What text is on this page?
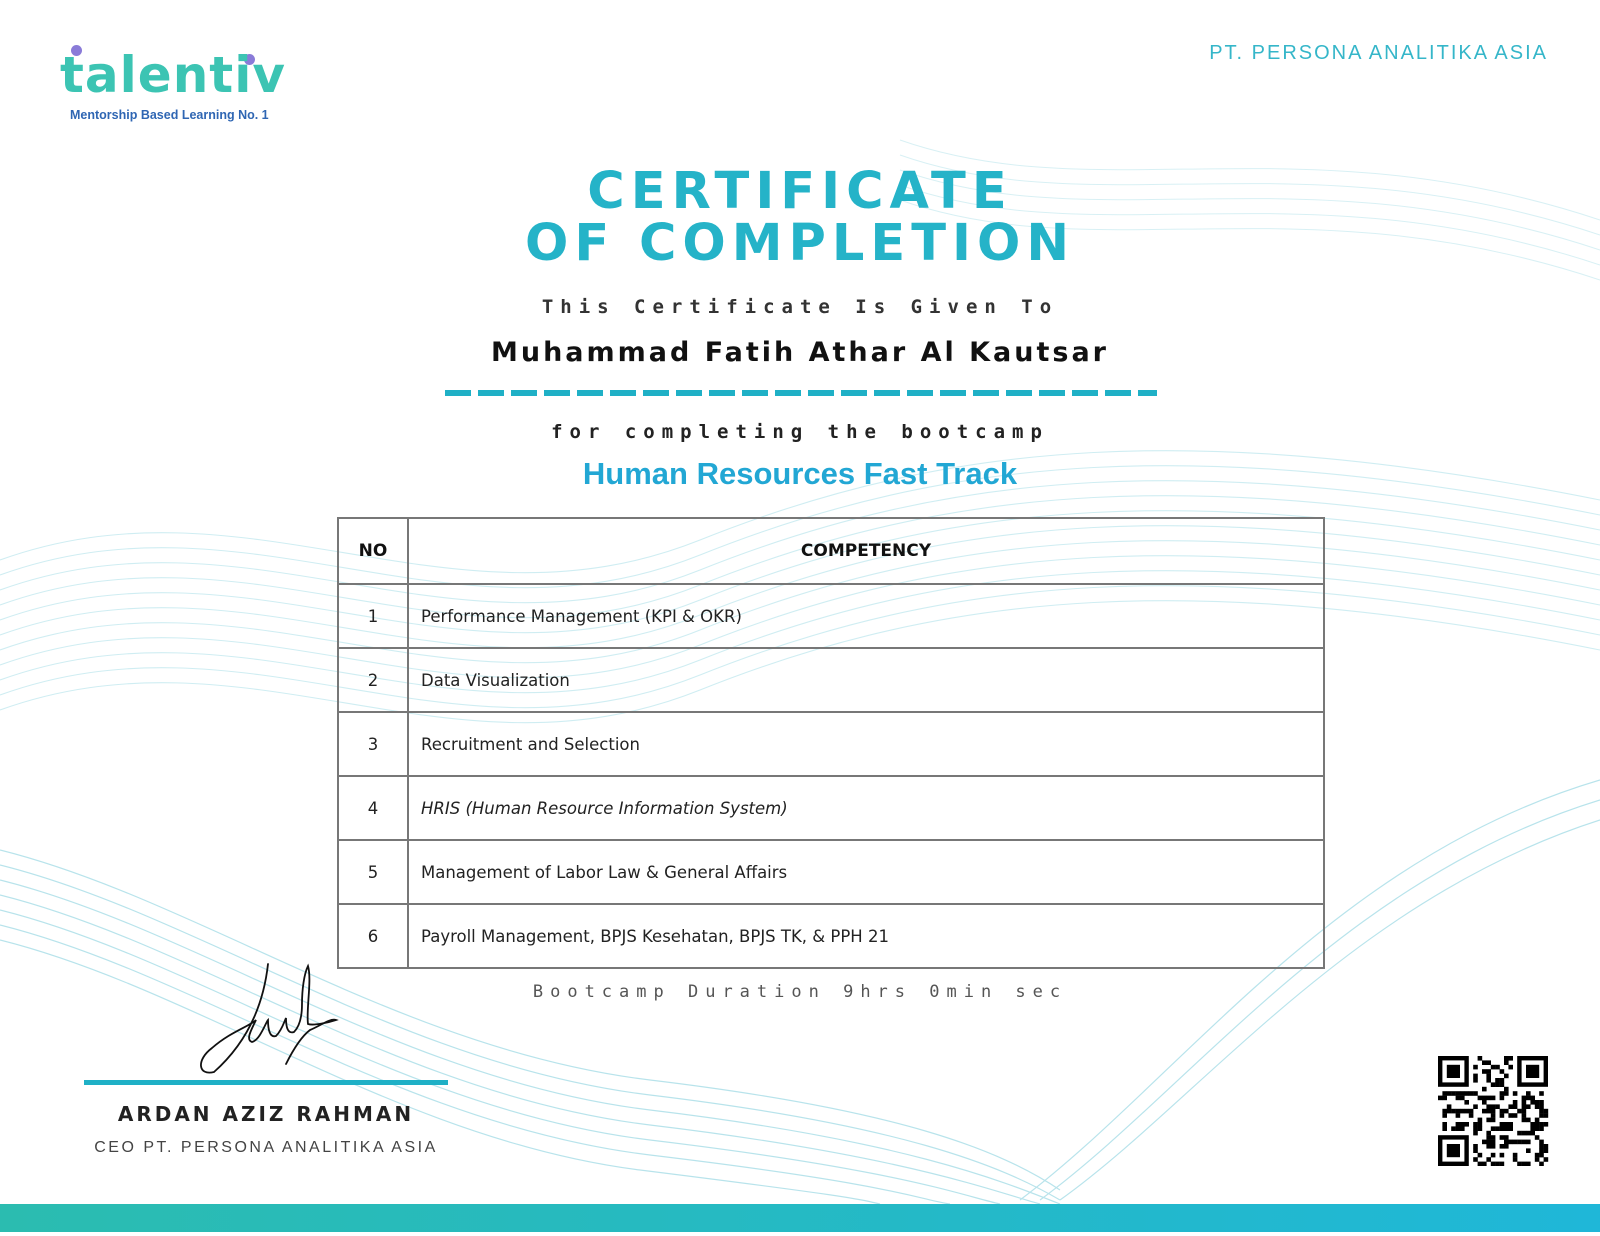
talentiv
Mentorship Based Learning No. 1
PT. PERSONA ANALITIKA ASIA
CERTIFICATE
OF COMPLETION
This Certificate Is Given To
Muhammad Fatih Athar Al Kautsar
for completing the bootcamp
Human Resources Fast Track
NO	COMPETENCY
1	Performance Management (KPI & OKR)
2	Data Visualization
3	Recruitment and Selection
4	HRIS (Human Resource Information System)
5	Management of Labor Law & General Affairs
6	Payroll Management, BPJS Kesehatan, BPJS TK, & PPH 21
Bootcamp Duration 9hrs 0min sec
ARDAN AZIZ RAHMAN
CEO PT. PERSONA ANALITIKA ASIA
